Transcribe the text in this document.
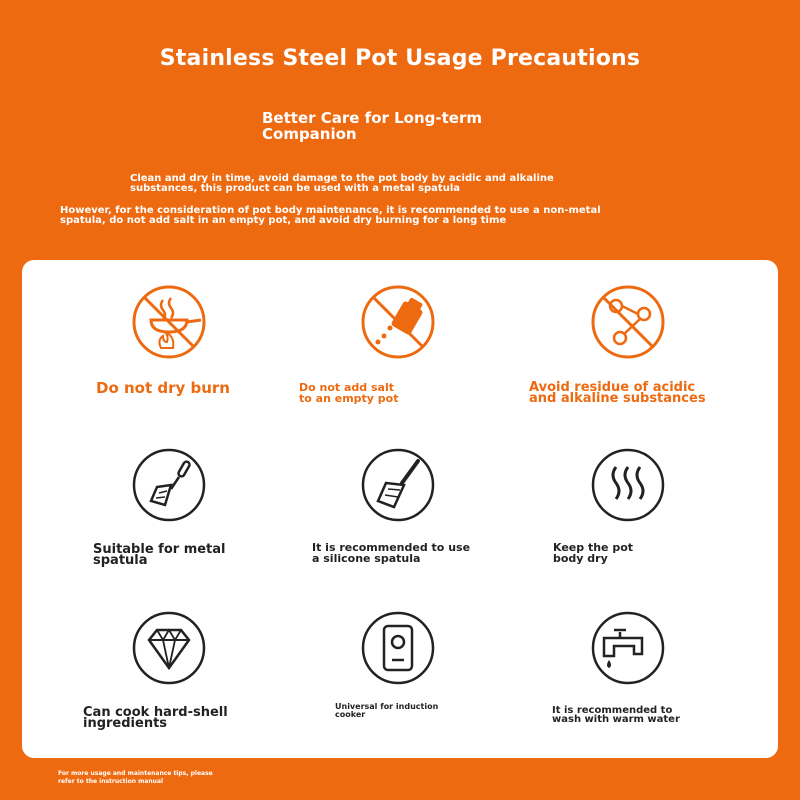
Stainless Steel Pot Usage Precautions
Better Care for Long-term
Companion
Clean and dry in time, avoid damage to the pot body by acidic and alkaline
substances, this product can be used with a metal spatula
However, for the consideration of pot body maintenance, it is recommended to use a non-metal
spatula, do not add salt in an empty pot, and avoid dry burning for a long time
Do not dry burn	Do not add salt
to an empty pot
Avoid residue of acidic
and alkaline substances
Suitable for metal
spatula
It is recommended to use
a silicone spatula
Keep the pot
body dry
Can cook hard-shell
ingredients
Universal for induction
cooker	It is recommended to
wash with warm water
For more usage and maintenance tips, please
refer to the instruction manual
